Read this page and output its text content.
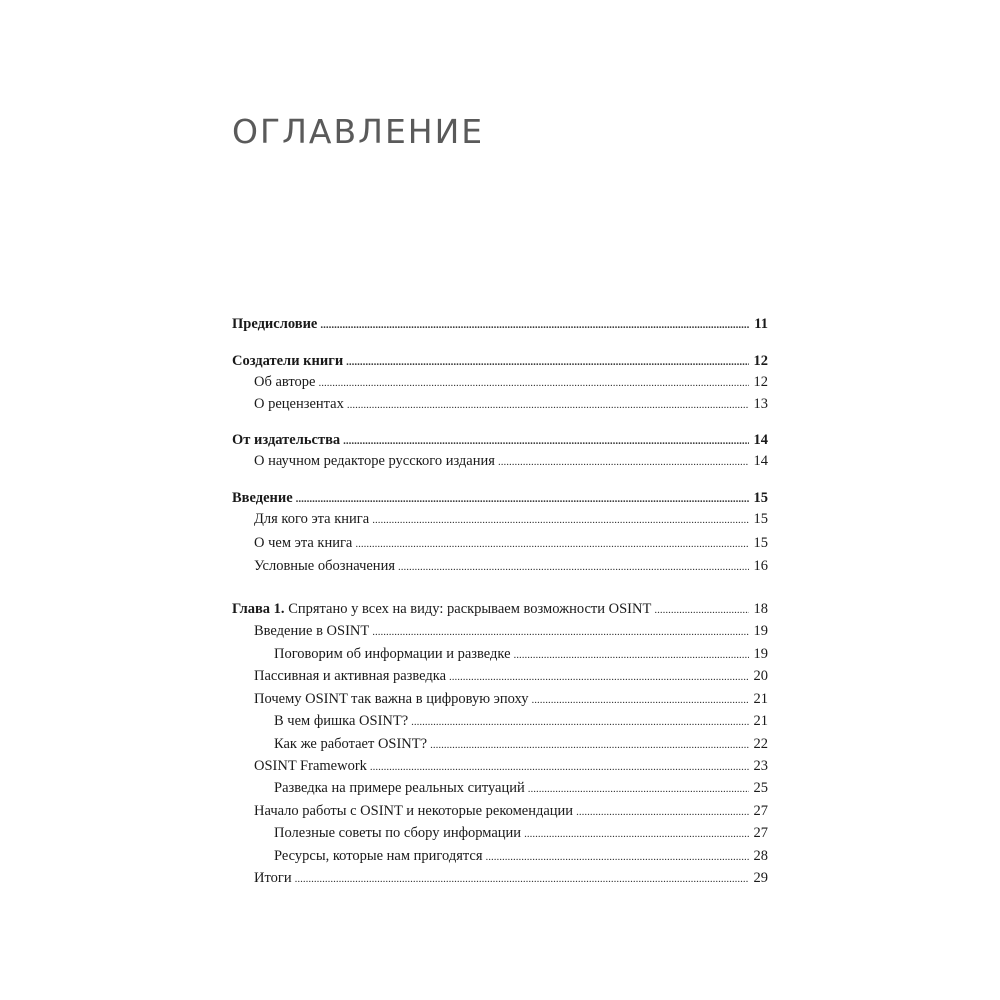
ОГЛАВЛЕНИЕ
Предисловие .....	11
Создатели книги .....	12
Об авторе .....	12
О рецензентах .....	13
От издательства .....	14
О научном редакторе русского издания .....	14
Введение .....	15
Для кого эта книга .....	15
О чем эта книга .....	15
Условные обозначения .....	16
Глава 1. Спрятано у всех на виду: раскрываем возможности OSINT .....	18
Введение в OSINT .....	19
Поговорим об информации и разведке .....	19
Пассивная и активная разведка .....	20
Почему OSINT так важна в цифровую эпоху .....	21
В чем фишка OSINT? .....	21
Как же работает OSINT? .....	22
OSINT Framework .....	23
Разведка на примере реальных ситуаций .....	25
Начало работы с OSINT и некоторые рекомендации .....	27
Полезные советы по сбору информации .....	27
Ресурсы, которые нам пригодятся .....	28
Итоги .....	29
